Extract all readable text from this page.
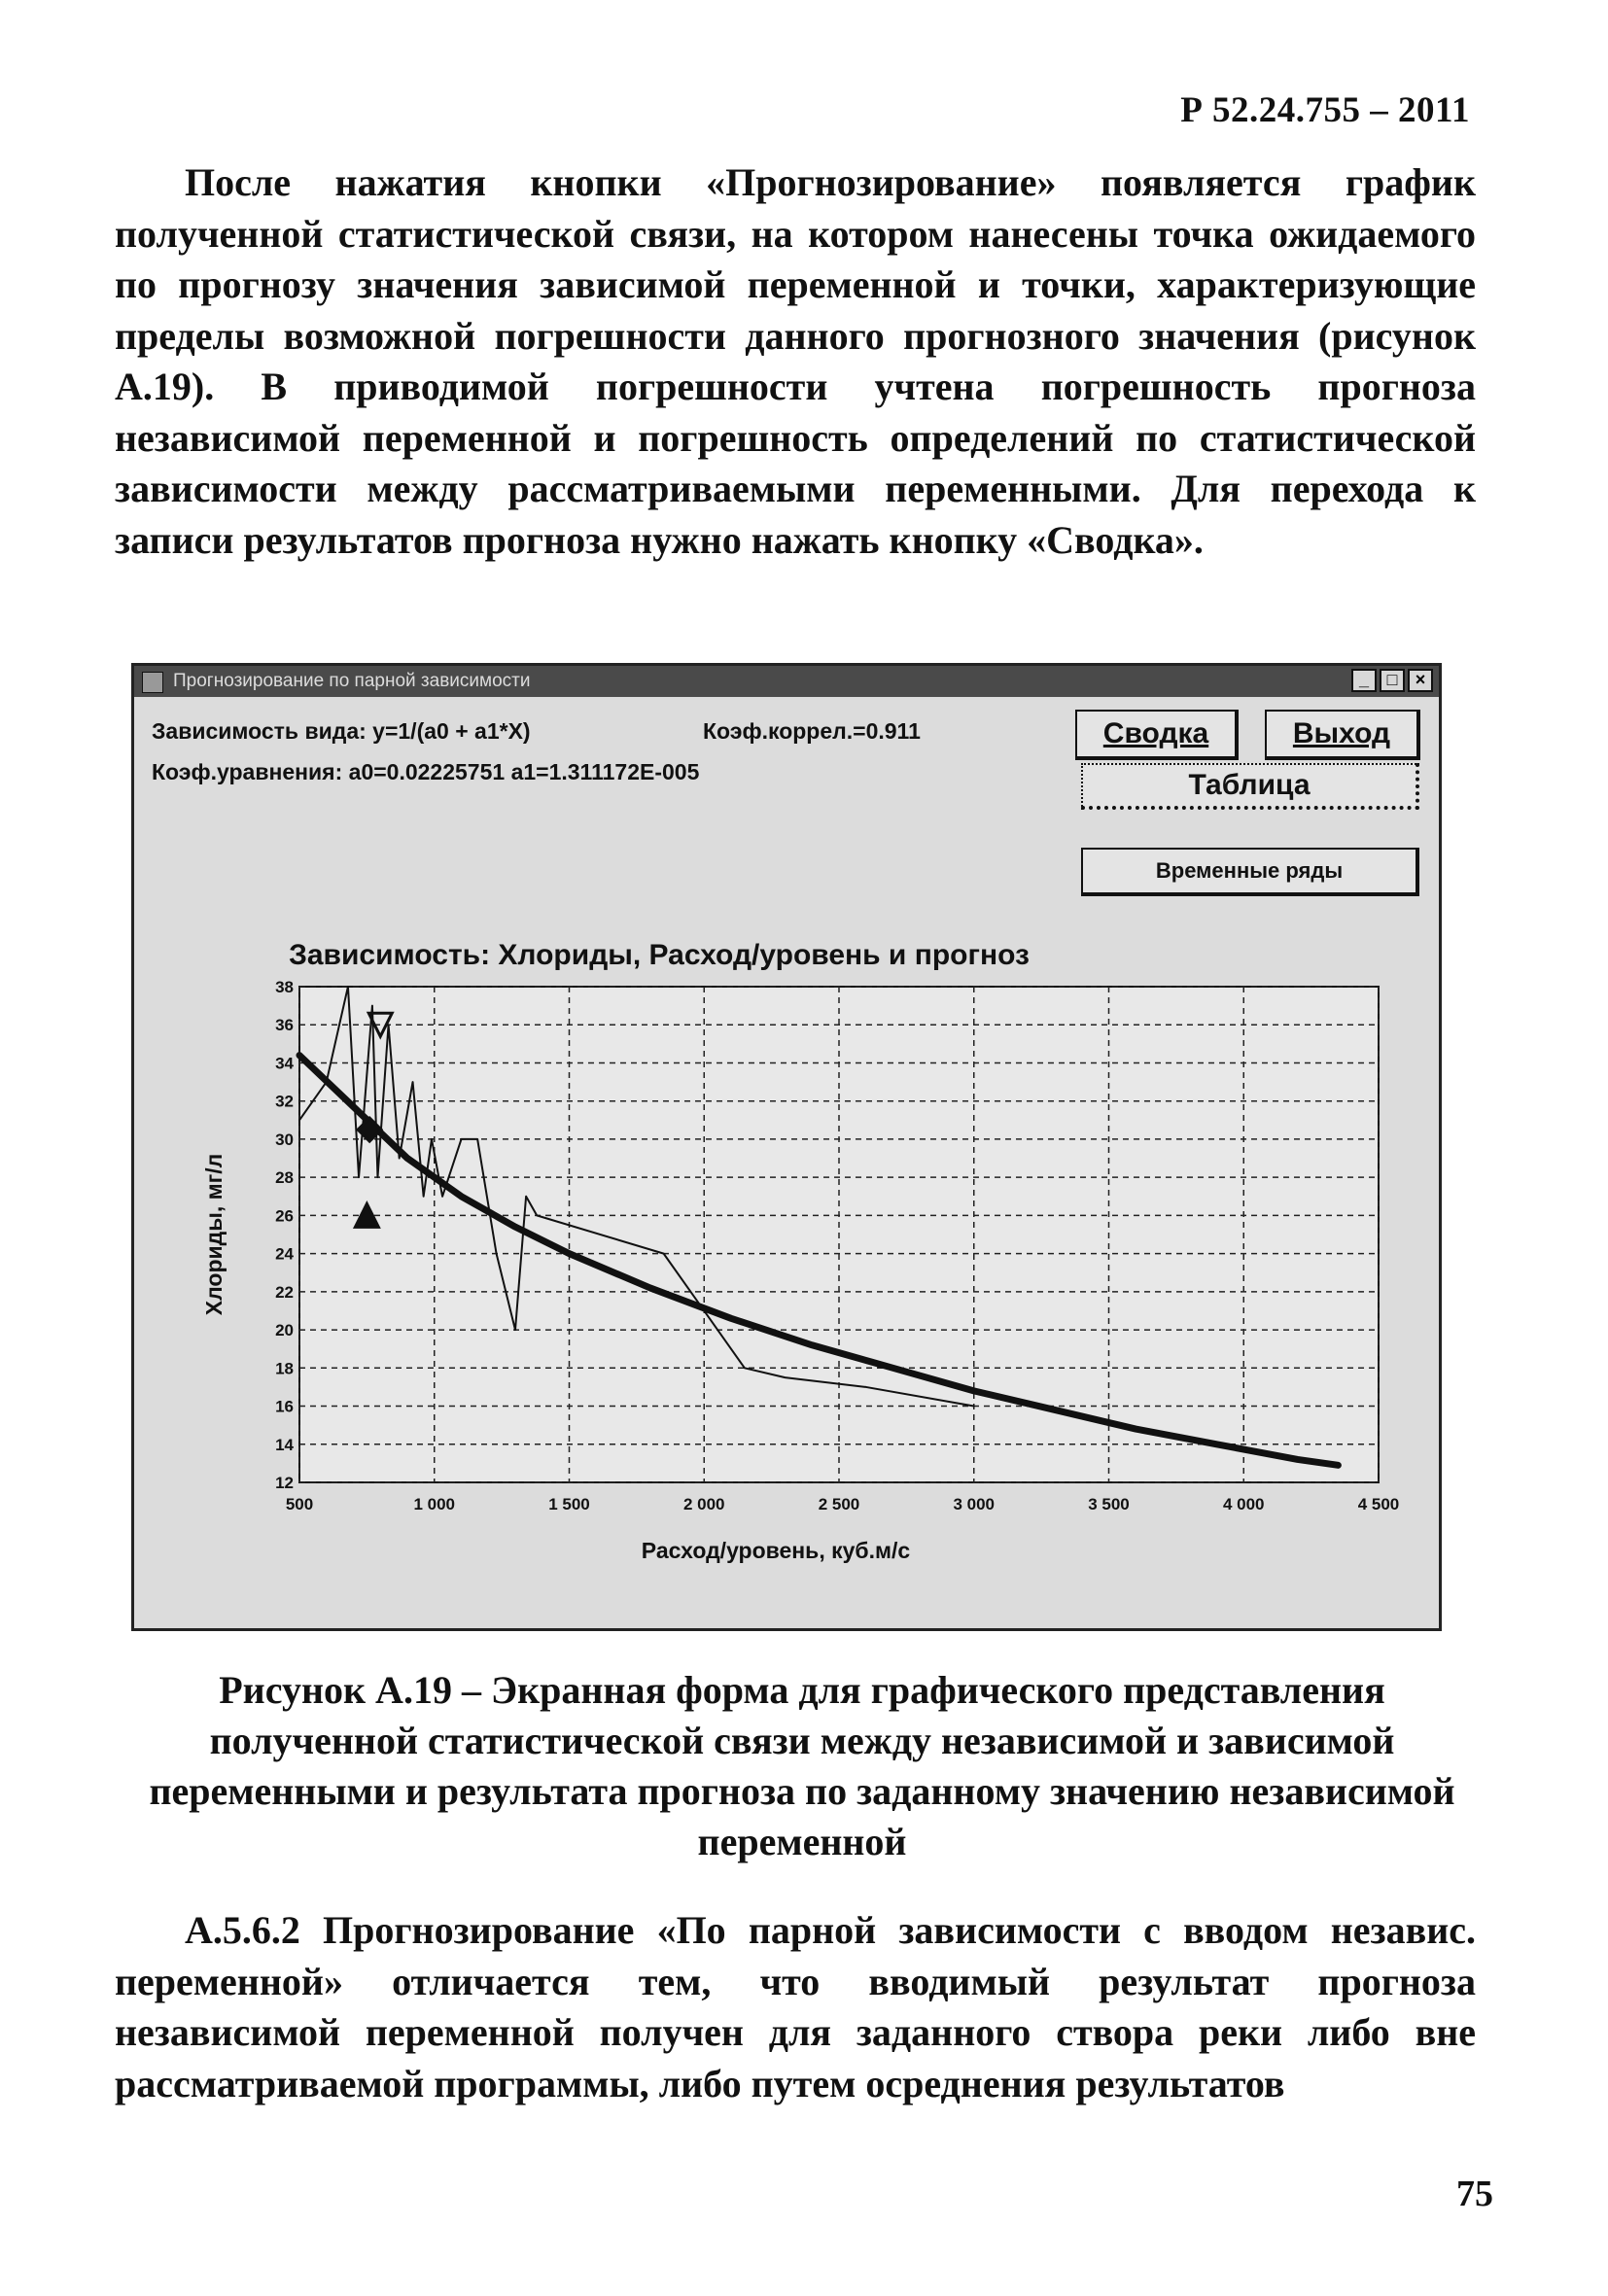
Р 52.24.755 – 2011

После нажатия кнопки «Прогнозирование» появляется график полученной статистической связи, на котором нанесены точка ожидаемого по прогнозу значения зависимой переменной и точки, характеризующие пределы возможной погрешности данного прогнозного значения (рисунок А.19). В приводимой погрешности учтена погрешность прогноза независимой переменной и погрешность определений по статистической зависимости между рассматриваемыми переменными. Для перехода к записи результатов прогноза нужно нажать кнопку «Сводка».

Прогнозирование по парной зависимости	_	□	×
Зависимость вида: y=1/(a0 + a1*X)	Коэф.коррел.=0.911
Коэф.уравнения: a0=0.02225751 a1=1.311172E-005
Сводка	Выход
Таблица
Временные ряды
Зависимость: Хлориды, Расход/уровень и прогноз
500	1 000	1 500	2 000	2 500	3 000	3 500	4 000	4 500
12
14
16
18
20
22
24
26
28
30
32
34
36
38
Расход/уровень, куб.м/с
Хлориды, мг/л
Рисунок А.19 – Экранная форма для графического представления полученной статистической связи между независимой и зависимой переменными и результата прогноза по заданному значению независимой переменной

А.5.6.2 Прогнозирование «По парной зависимости с вводом независ. переменной» отличается тем, что вводимый результат прогноза независимой переменной получен для заданного створа реки либо вне рассматриваемой программы, либо путем осреднения результатов

75
